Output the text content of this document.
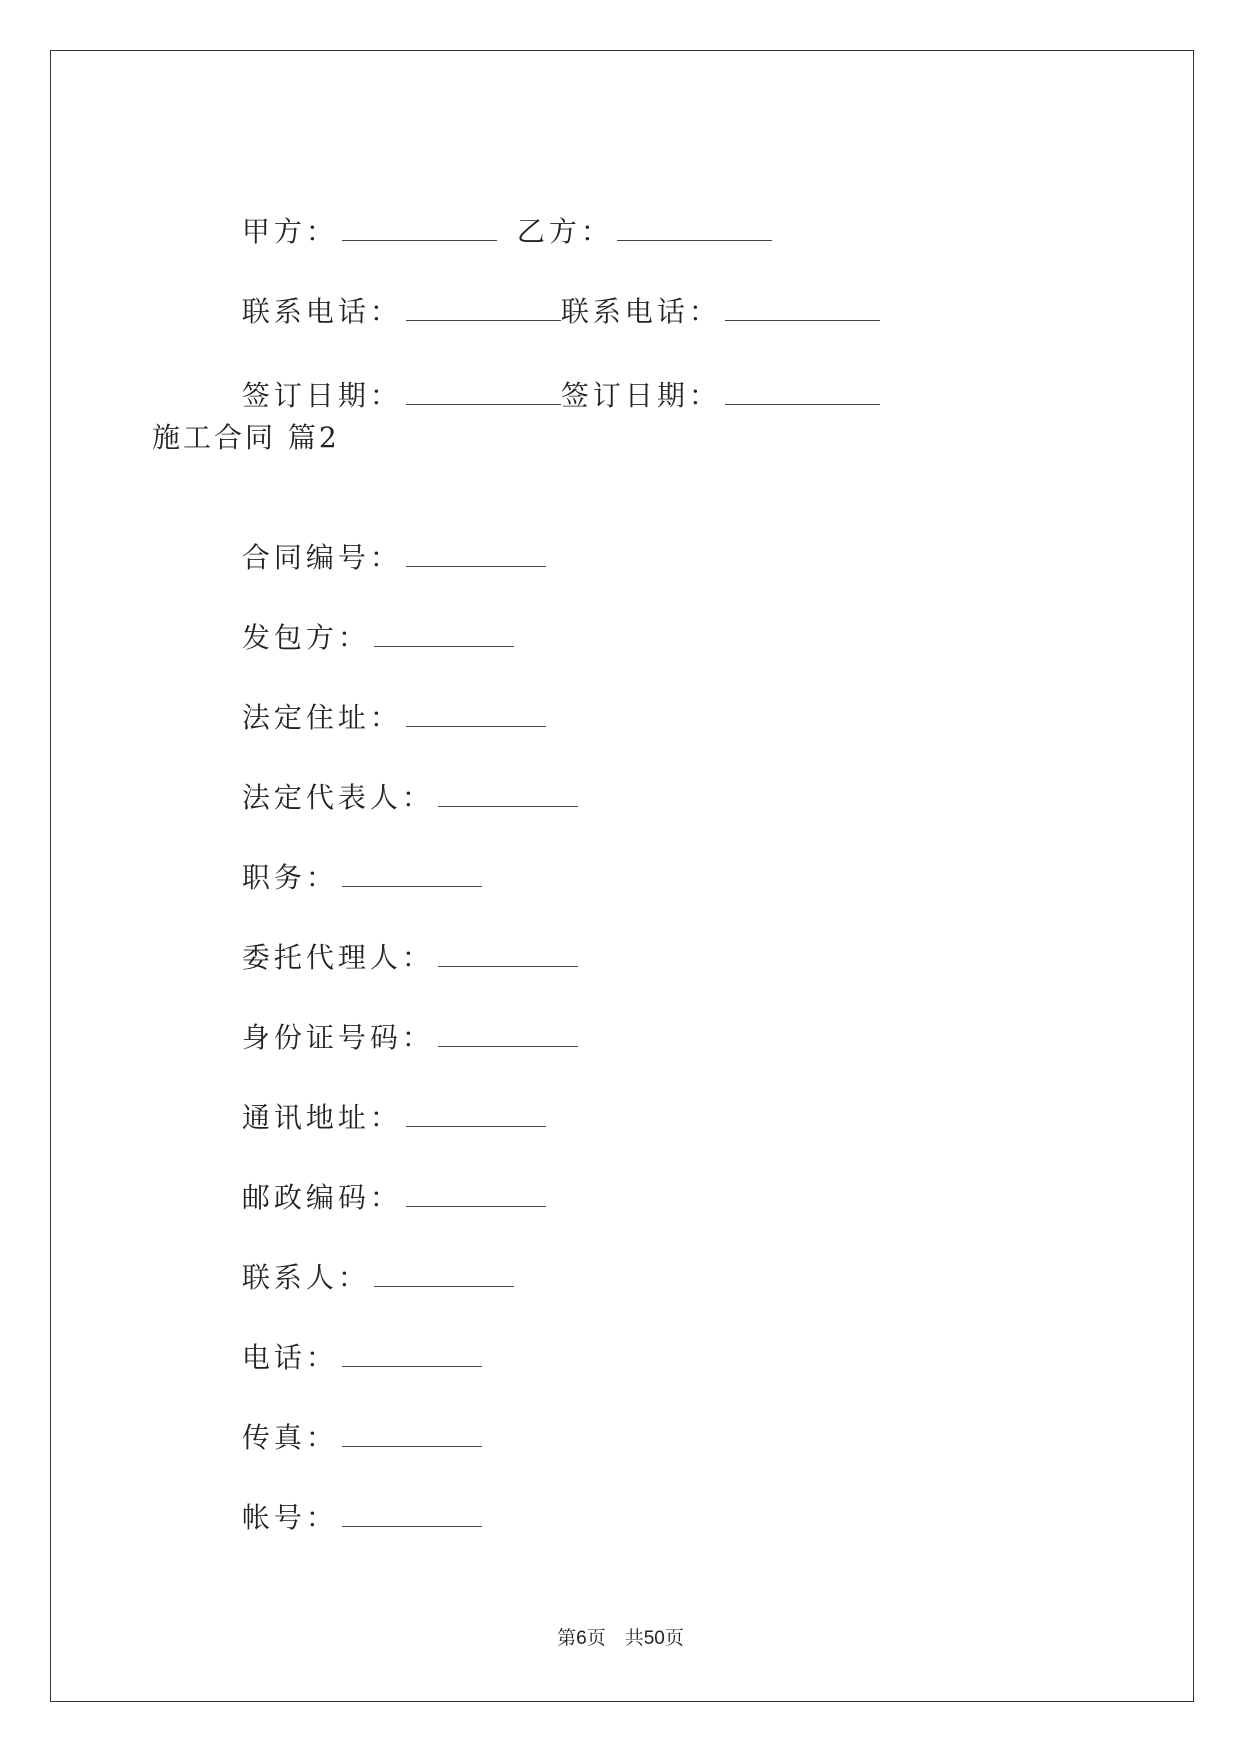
甲方：	乙方：

联系电话：	联系电话：

签订日期：	签订日期：

施工合同 篇2

合同编号：

发包方：

法定住址：

法定代表人：

职务：

委托代理人：

身份证号码：

通讯地址：

邮政编码：

联系人：

电话：

传真：

帐号：

第6页　共50页
